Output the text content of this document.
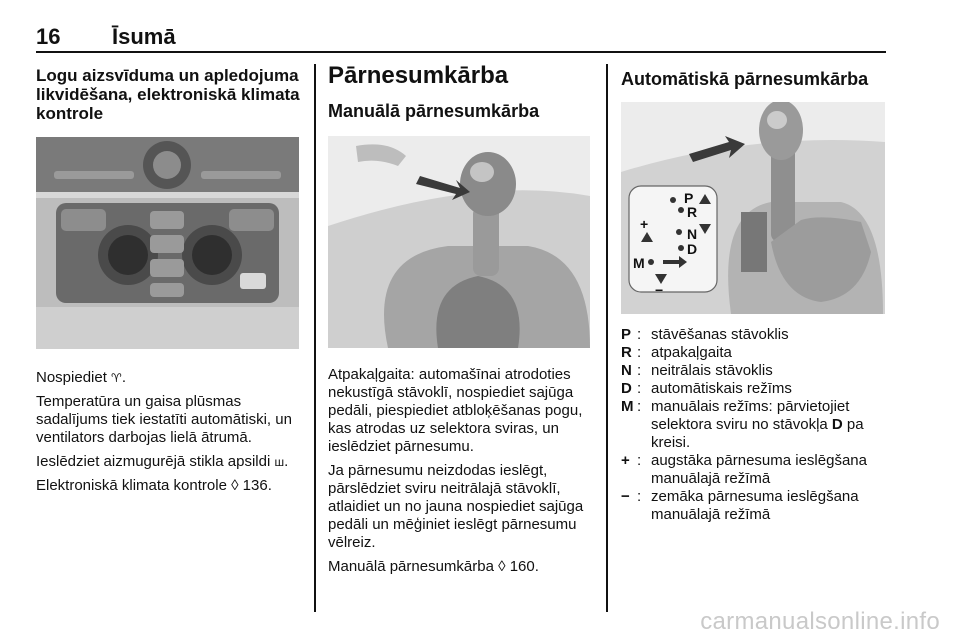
16 Īsumā
Logu aizsvīduma un apledojuma likvidēšana, elektroniskā klimata kontrole

Nospiediet ♈.

Temperatūra un gaisa plūsmas sadalījums tiek iestatīti automātiski, un ventilators darbojas lielā ātrumā.

Ieslēdziet aizmugurējā stikla apsildi ш.

Elektroniskā klimata kontrole ◊ 136.

Pārnesumkārba
Manuālā pārnesumkārba

Atpakaļgaita: automašīnai atrodoties nekustīgā stāvoklī, nospiediet sajūga pedāli, piespiediet atbloķēšanas pogu, kas atrodas uz selektora sviras, un ieslēdziet pārnesumu.

Ja pārnesumu neizdodas ieslēgt, pārslēdziet sviru neitrālajā stāvoklī, atlaidiet un no jauna nospiediet sajūga pedāli un mēģiniet ieslēgt pārnesumu vēlreiz.

Manuālā pārnesumkārba ◊ 160.

Automātiskā pārnesumkārba
P
R
N
D
M
+
−
P : stāvēšanas stāvoklis
R : atpakaļgaita
N : neitrālais stāvoklis
D : automātiskais režīms
M : manuālais režīms: pārvietojiet selektora sviru no stāvokļa D pa kreisi.
+ : augstāka pārnesuma ieslēgšana manuālajā režīmā
− : zemāka pārnesuma ieslēgšana manuālajā režīmā
carmanualsonline.info
